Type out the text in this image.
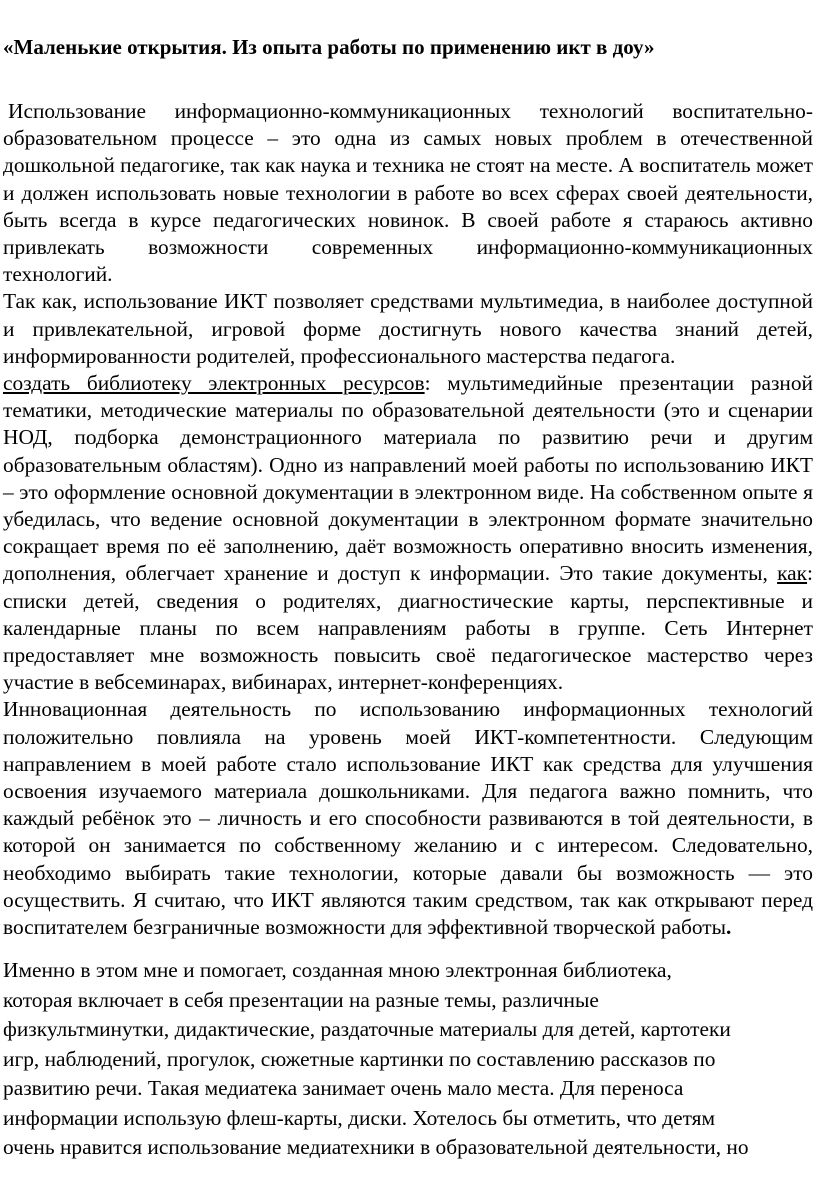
«Маленькие открытия. Из опыта работы по применению икт в доу»

Использование информационно-коммуникационных технологий воспитательно-образовательном процессе – это одна из самых новых проблем в отечественной дошкольной педагогике, так как наука и техника не стоят на месте. А воспитатель может и должен использовать новые технологии в работе во всех сферах своей деятельности, быть всегда в курсе педагогических новинок. В своей работе я стараюсь активно привлекать возможности современных информационно-коммуникационных технологий.

Так как, использование ИКТ позволяет средствами мультимедиа, в наиболее доступной и привлекательной, игровой форме достигнуть нового качества знаний детей, информированности родителей, профессионального мастерства педагога.

создать библиотеку электронных ресурсов: мультимедийные презентации разной тематики, методические материалы по образовательной деятельности (это и сценарии НОД, подборка демонстрационного материала по развитию речи и другим образовательным областям). Одно из направлений моей работы по использованию ИКТ – это оформление основной документации в электронном виде. На собственном опыте я убедилась, что ведение основной документации в электронном формате значительно сокращает время по её заполнению, даёт возможность оперативно вносить изменения, дополнения, облегчает хранение и доступ к информации. Это такие документы, как: списки детей, сведения о родителях, диагностические карты, перспективные и календарные планы по всем направлениям работы в группе. Сеть Интернет предоставляет мне возможность повысить своё педагогическое мастерство через участие в вебсеминарах, вибинарах, интернет-конференциях.

Инновационная деятельность по использованию информационных технологий положительно повлияла на уровень моей ИКТ-компетентности. Следующим направлением в моей работе стало использование ИКТ как средства для улучшения освоения изучаемого материала дошкольниками. Для педагога важно помнить, что каждый ребёнок это – личность и его способности развиваются в той деятельности, в которой он занимается по собственному желанию и с интересом. Следовательно, необходимо выбирать такие технологии, которые давали бы возможность — это осуществить. Я считаю, что ИКТ являются таким средством, так как открывают перед воспитателем безграничные возможности для эффективной творческой работы.

Именно в этом мне и помогает, созданная мною электронная библиотека,

которая включает в себя презентации на разные темы, различные

физкультминутки, дидактические, раздаточные материалы для детей, картотеки

игр, наблюдений, прогулок, сюжетные картинки по составлению рассказов по

развитию речи. Такая медиатека занимает очень мало места. Для переноса

информации использую флеш-карты, диски. Хотелось бы отметить, что детям

очень нравится использование медиатехники в образовательной деятельности, но
